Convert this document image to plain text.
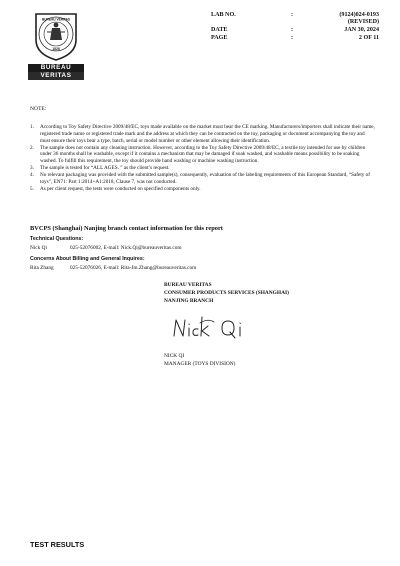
BUREAU VERITAS
1828
BUREAU
VERITAS
LAB NO.	:	(9124)024-0193
(REVISED)
DATE	:	JAN 30, 2024
PAGE	:	2 OF 11
NOTE:
1.	According to Toy Safety Directive 2009/48/EC, toys made available on the market must bear the CE marking. Manufacturers/importers shall indicate their name, registered trade name or registered trade mark and the address at which they can be contracted on the toy, packaging or document accompanying the toy and must ensure their toys bear a type, batch, serial or model number or other element allowing their identification.
2.	The sample does not contain any cleaning instruction. However, according to the Toy Safety Directive 2009/48/EC, a textile toy intended for use by children under 36 months shall be washable, except if it contains a mechanism that may be damaged if soak washed, and washable means possibility to be soaking washed. To fulfill this requirement, the toy should provide hand washing or machine washing instruction.
3.	The sample is tested for “ALL AGES. ” as the client’s request.
4.	No relevant packaging was provided with the submitted sample(s), consequently, evaluation of the labeling requirements of this European Standard, “Safety of toys”, EN71: Part 1:2014+A1:2018, Clause 7, was not conducted.
5.	As per client request, the tests were conducted on specified components only.
BVCPS (Shanghai) Nanjing branch contact information for this report
Technical Questions:
Nick Qi	025-52076002, E-mail: Nick.Qi@bureauveritas.com
Concerns About Billing and General Inquires:
Rita Zhang	025-52076026, E-mail: Rita-Jm.Zhang@bureauveritas.com
BUREAU VERITAS
CONSUMER PRODUCTS SERVICES (SHANGHAI)
NANJING BRANCH
NICK QI
MANAGER (TOYS DIVISION)
TEST RESULTS
